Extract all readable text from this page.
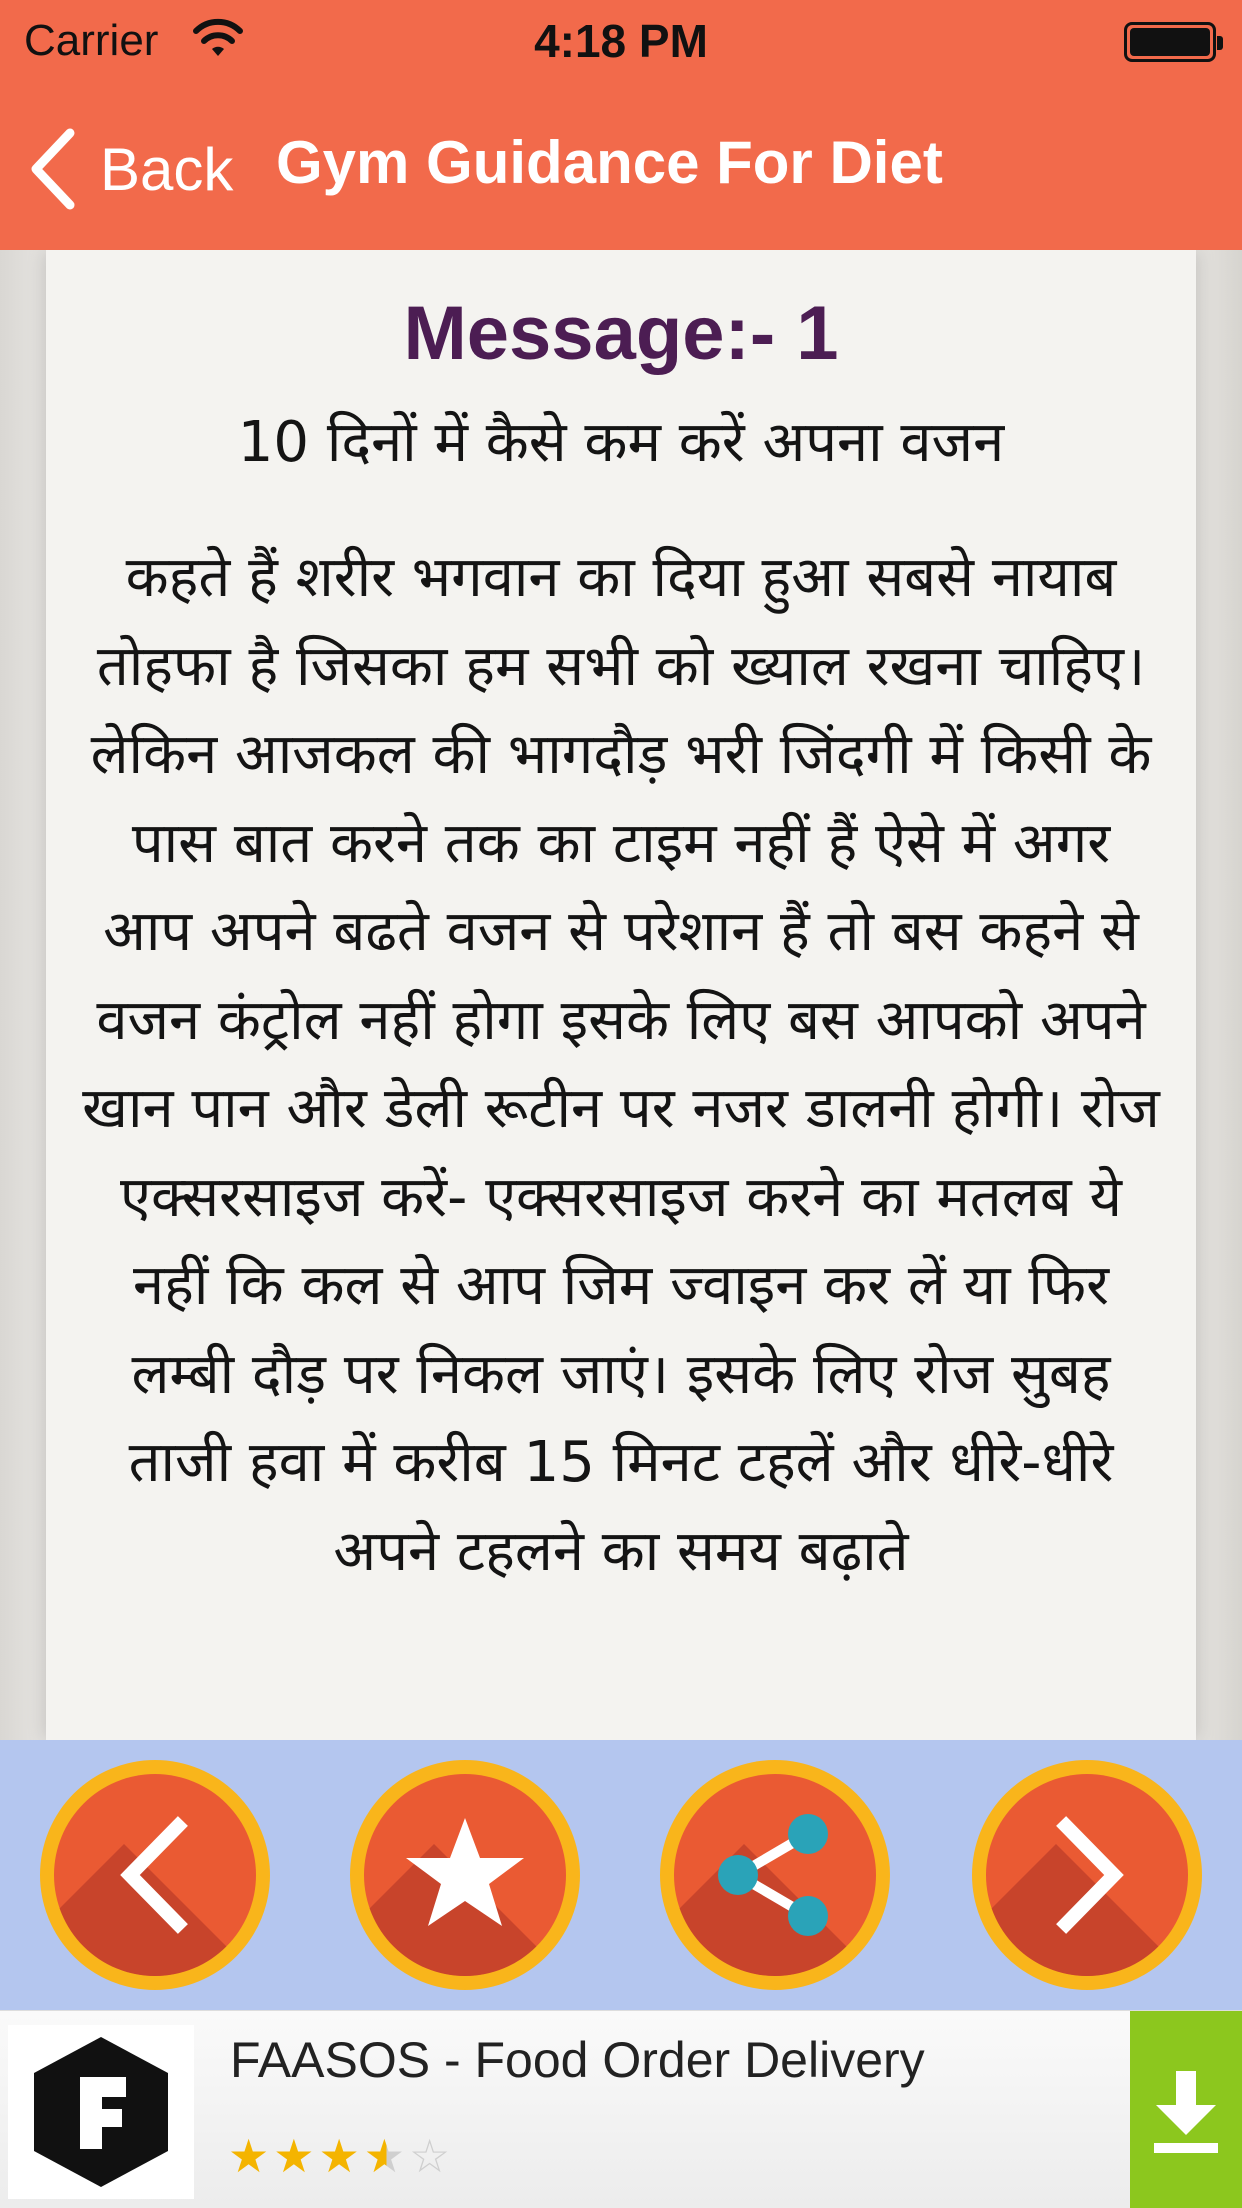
Carrier	4:18 PM
Back Gym Guidance For Diet
Message:- 1
10 दिनों में कैसे कम करें अपना वजन
कहते हैं शरीर भगवान का दिया हुआ सबसे नायाब तोहफा है जिसका हम सभी को ख्याल रखना चाहिए। लेकिन आजकल की भागदौड़ भरी जिंदगी में किसी के पास बात करने तक का टाइम नहीं हैं ऐसे में अगर आप अपने बढते वजन से परेशान हैं तो बस कहने से वजन कंट्रोल नहीं होगा इसके लिए बस आपको अपने खान पान और डेली रूटीन पर नजर डालनी होगी। रोज एक्सरसाइज करें- एक्सरसाइज करने का मतलब ये नहीं कि कल से आप जिम ज्वाइन कर लें या फिर लम्बी दौड़ पर निकल जाएं। इसके लिए रोज सुबह ताजी हवा में करीब 15 मिनट टहलें और धीरे-धीरे अपने टहलने का समय बढ़ाते
FAASOS - Food Order Delivery
★★★★☆
